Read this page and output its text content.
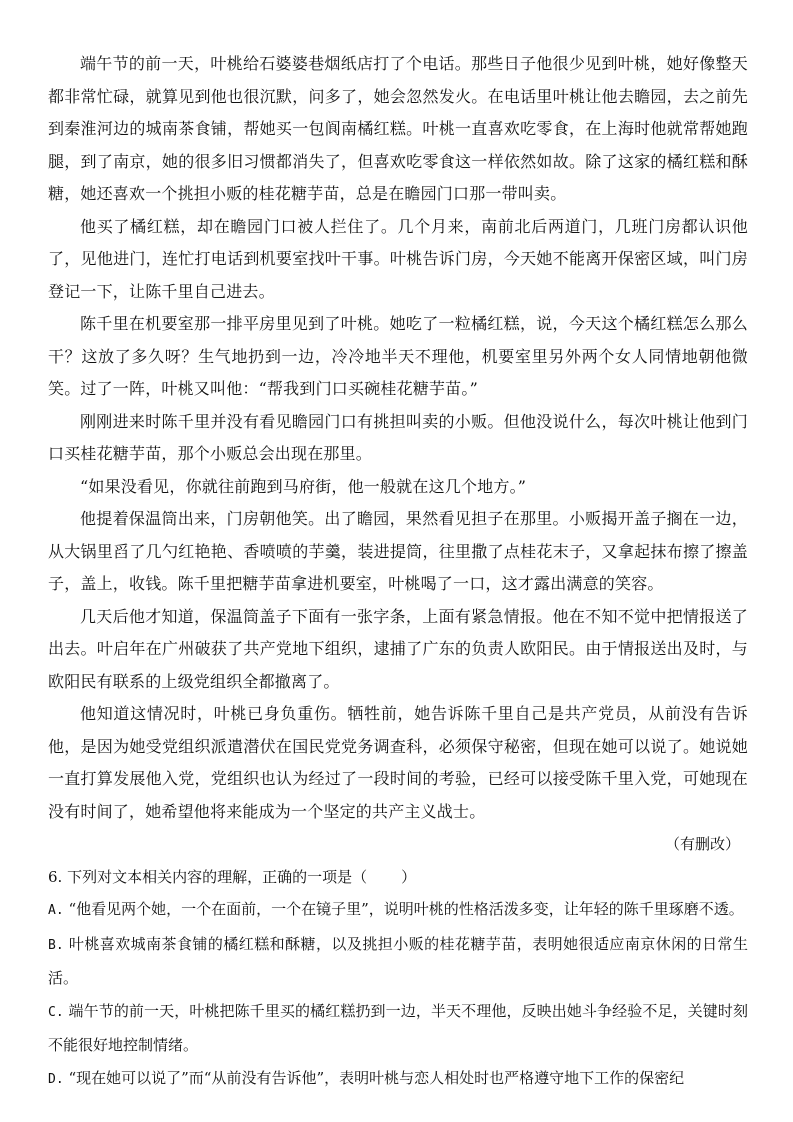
端午节的前一天，叶桃给石婆婆巷烟纸店打了个电话。那些日子他很少见到叶桃，她好像整天都非常忙碌，就算见到他也很沉默，问多了，她会忽然发火。在电话里叶桃让他去瞻园，去之前先到秦淮河边的城南茶食铺，帮她买一包阆南橘红糕。叶桃一直喜欢吃零食，在上海时他就常帮她跑腿，到了南京，她的很多旧习惯都消失了，但喜欢吃零食这一样依然如故。除了这家的橘红糕和酥糖，她还喜欢一个挑担小贩的桂花糖芋苗，总是在瞻园门口那一带叫卖。

他买了橘红糕，却在瞻园门口被人拦住了。几个月来，南前北后两道门，几班门房都认识他了，见他进门，连忙打电话到机要室找叶干事。叶桃告诉门房，今天她不能离开保密区域，叫门房登记一下，让陈千里自己进去。

陈千里在机要室那一排平房里见到了叶桃。她吃了一粒橘红糕，说，今天这个橘红糕怎么那么干？这放了多久呀？生气地扔到一边，冷冷地半天不理他，机要室里另外两个女人同情地朝他微笑。过了一阵，叶桃又叫他：“帮我到门口买碗桂花糖芋苗。”

刚刚进来时陈千里并没有看见瞻园门口有挑担叫卖的小贩。但他没说什么，每次叶桃让他到门口买桂花糖芋苗，那个小贩总会出现在那里。

“如果没看见，你就往前跑到马府街，他一般就在这几个地方。”

他提着保温筒出来，门房朝他笑。出了瞻园，果然看见担子在那里。小贩揭开盖子搁在一边，从大锅里舀了几勺红艳艳、香喷喷的芋羹，装进提筒，往里撒了点桂花末子，又拿起抹布擦了擦盖子，盖上，收钱。陈千里把糖芋苗拿进机要室，叶桃喝了一口，这才露出满意的笑容。

几天后他才知道，保温筒盖子下面有一张字条，上面有紧急情报。他在不知不觉中把情报送了出去。叶启年在广州破获了共产党地下组织，逮捕了广东的负责人欧阳民。由于情报送出及时，与欧阳民有联系的上级党组织全都撤离了。

他知道这情况时，叶桃已身负重伤。牺牲前，她告诉陈千里自己是共产党员，从前没有告诉他，是因为她受党组织派遣潜伏在国民党党务调查科，必须保守秘密，但现在她可以说了。她说她一直打算发展他入党，党组织也认为经过了一段时间的考验，已经可以接受陈千里入党，可她现在没有时间了，她希望他将来能成为一个坚定的共产主义战士。

（有删改）

6. 下列对文本相关内容的理解，正确的一项是（ ）

A. “他看见两个她，一个在面前，一个在镜子里”，说明叶桃的性格活泼多变，让年轻的陈千里琢磨不透。

B. 叶桃喜欢城南茶食铺的橘红糕和酥糖，以及挑担小贩的桂花糖芋苗，表明她很适应南京休闲的日常生活。

C. 端午节的前一天，叶桃把陈千里买的橘红糕扔到一边，半天不理他，反映出她斗争经验不足，关键时刻不能很好地控制情绪。

D. “现在她可以说了”而“从前没有告诉他”，表明叶桃与恋人相处时也严格遵守地下工作的保密纪
